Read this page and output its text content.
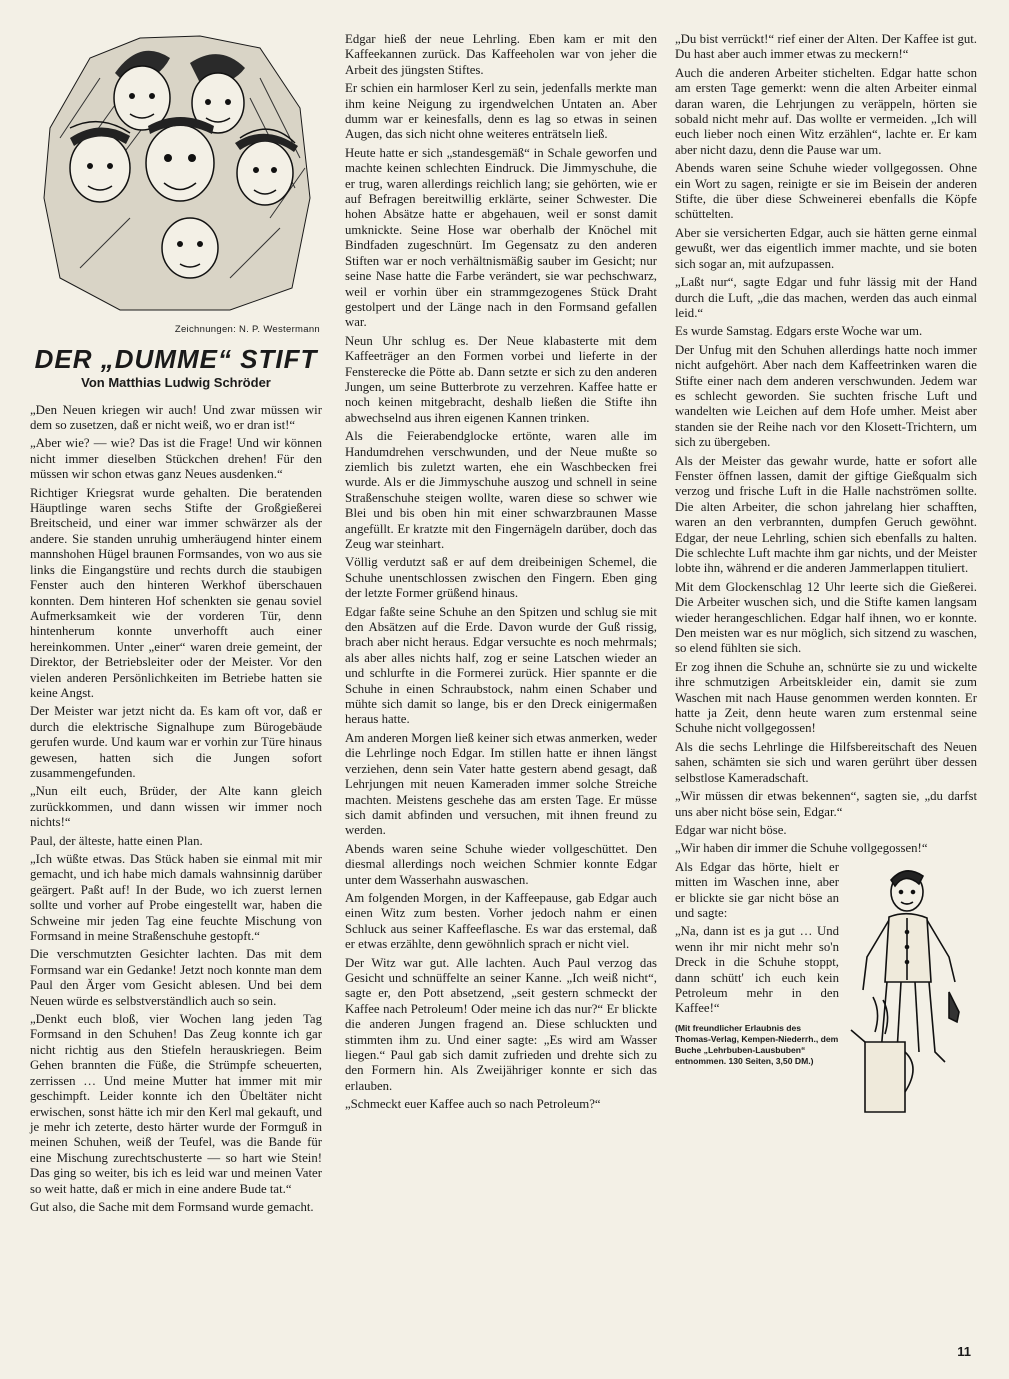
Zeichnungen: N. P. Westermann
DER „DUMME“ STIFT
Von Matthias Ludwig Schröder

„Den Neuen kriegen wir auch! Und zwar müssen wir dem so zusetzen, daß er nicht weiß, wo er dran ist!“

„Aber wie? — wie? Das ist die Frage! Und wir können nicht immer dieselben Stückchen drehen! Für den müssen wir schon etwas ganz Neues ausdenken.“

Richtiger Kriegsrat wurde gehalten. Die beratenden Häuptlinge waren sechs Stifte der Großgießerei Breitscheid, und einer war immer schwärzer als der andere. Sie standen unruhig umheräugend hinter einem mannshohen Hügel braunen Formsandes, von wo aus sie links die Eingangstüre und rechts durch die staubigen Fenster auch den hinteren Werkhof überschauen konnten. Dem hinteren Hof schenkten sie genau soviel Aufmerksamkeit wie der vorderen Tür, denn hintenherum konnte unverhofft auch einer hereinkommen. Unter „einer“ waren dreie gemeint, der Direktor, der Betriebsleiter oder der Meister. Vor den vielen anderen Persönlichkeiten im Betriebe hatten sie keine Angst.

Der Meister war jetzt nicht da. Es kam oft vor, daß er durch die elektrische Signalhupe zum Bürogebäude gerufen wurde. Und kaum war er vorhin zur Türe hinaus gewesen, hatten sich die Jungen sofort zusammengefunden.

„Nun eilt euch, Brüder, der Alte kann gleich zurückkommen, und dann wissen wir immer noch nichts!“

Paul, der älteste, hatte einen Plan.

„Ich wüßte etwas. Das Stück haben sie einmal mit mir gemacht, und ich habe mich damals wahnsinnig darüber geärgert. Paßt auf! In der Bude, wo ich zuerst lernen sollte und vorher auf Probe eingestellt war, haben die Schweine mir jeden Tag eine feuchte Mischung von Formsand in meine Straßenschuhe gestopft.“

Die verschmutzten Gesichter lachten. Das mit dem Formsand war ein Gedanke! Jetzt noch konnte man dem Paul den Ärger vom Gesicht ablesen. Und bei dem Neuen würde es selbstverständlich auch so sein.

„Denkt euch bloß, vier Wochen lang jeden Tag Formsand in den Schuhen! Das Zeug konnte ich gar nicht richtig aus den Stiefeln herauskriegen. Beim Gehen brannten die Füße, die Strümpfe scheuerten, zerrissen … Und meine Mutter hat immer mit mir geschimpft. Leider konnte ich den Übeltäter nicht erwischen, sonst hätte ich mir den Kerl mal gekauft, und je mehr ich zeterte, desto härter wurde der Formguß in meinen Schuhen, weiß der Teufel, was die Bande für eine Mischung zurechtschusterte — so hart wie Stein! Das ging so weiter, bis ich es leid war und meinen Vater so weit hatte, daß er mich in eine andere Bude tat.“

Gut also, die Sache mit dem Formsand wurde gemacht.

Edgar hieß der neue Lehrling. Eben kam er mit den Kaffeekannen zurück. Das Kaffeeholen war von jeher die Arbeit des jüngsten Stiftes.

Er schien ein harmloser Kerl zu sein, jedenfalls merkte man ihm keine Neigung zu irgendwelchen Untaten an. Aber dumm war er keinesfalls, denn es lag so etwas in seinen Augen, das sich nicht ohne weiteres enträtseln ließ.

Heute hatte er sich „standesgemäß“ in Schale geworfen und machte keinen schlechten Eindruck. Die Jimmyschuhe, die er trug, waren allerdings reichlich lang; sie gehörten, wie er auf Befragen bereitwillig erklärte, seiner Schwester. Die hohen Absätze hatte er abgehauen, weil er sonst damit umknickte. Seine Hose war oberhalb der Knöchel mit Bindfaden zugeschnürt. Im Gegensatz zu den anderen Stiften war er noch verhältnismäßig sauber im Gesicht; nur seine Nase hatte die Farbe verändert, sie war pechschwarz, weil er vorhin über ein strammgezogenes Stück Draht gestolpert und der Länge nach in den Formsand gefallen war.

Neun Uhr schlug es. Der Neue klabasterte mit dem Kaffeeträger an den Formen vorbei und lieferte in der Fensterecke die Pötte ab. Dann setzte er sich zu den anderen Jungen, um seine Butterbrote zu verzehren. Kaffee hatte er noch keinen mitgebracht, deshalb ließen die Stifte ihn abwechselnd aus ihren eigenen Kannen trinken.

Als die Feierabendglocke ertönte, waren alle im Handumdrehen verschwunden, und der Neue mußte so ziemlich bis zuletzt warten, ehe ein Waschbecken frei wurde. Als er die Jimmyschuhe auszog und schnell in seine Straßenschuhe steigen wollte, waren diese so schwer wie Blei und bis oben hin mit einer schwarzbraunen Masse angefüllt. Er kratzte mit den Fingernägeln darüber, doch das Zeug war steinhart.

Völlig verdutzt saß er auf dem dreibeinigen Schemel, die Schuhe unentschlossen zwischen den Fingern. Eben ging der letzte Former grüßend hinaus.

Edgar faßte seine Schuhe an den Spitzen und schlug sie mit den Absätzen auf die Erde. Davon wurde der Guß rissig, brach aber nicht heraus. Edgar versuchte es noch mehrmals; als aber alles nichts half, zog er seine Latschen wieder an und schlurfte in die Formerei zurück. Hier spannte er die Schuhe in einen Schraubstock, nahm einen Schaber und mühte sich damit so lange, bis er den Dreck einigermaßen heraus hatte.

Am anderen Morgen ließ keiner sich etwas anmerken, weder die Lehrlinge noch Edgar. Im stillen hatte er ihnen längst verziehen, denn sein Vater hatte gestern abend gesagt, daß Lehrjungen mit neuen Kameraden immer solche Streiche machten. Meistens geschehe das am ersten Tage. Er müsse sich damit abfinden und versuchen, mit ihnen freund zu werden.

Abends waren seine Schuhe wieder vollgeschüttet. Den diesmal allerdings noch weichen Schmier konnte Edgar unter dem Wasserhahn auswaschen.

Am folgenden Morgen, in der Kaffeepause, gab Edgar auch einen Witz zum besten. Vorher jedoch nahm er einen Schluck aus seiner Kaffeeflasche. Es war das erstemal, daß er etwas erzählte, denn gewöhnlich sprach er nicht viel.

Der Witz war gut. Alle lachten. Auch Paul verzog das Gesicht und schnüffelte an seiner Kanne. „Ich weiß nicht“, sagte er, den Pott absetzend, „seit gestern schmeckt der Kaffee nach Petroleum! Oder meine ich das nur?“ Er blickte die anderen Jungen fragend an. Diese schluckten und stimmten ihm zu. Und einer sagte: „Es wird am Wasser liegen.“ Paul gab sich damit zufrieden und drehte sich zu den Formern hin. Als Zweijähriger konnte er sich das erlauben.

„Schmeckt euer Kaffee auch so nach Petroleum?“

„Du bist verrückt!“ rief einer der Alten. Der Kaffee ist gut. Du hast aber auch immer etwas zu meckern!“

Auch die anderen Arbeiter stichelten. Edgar hatte schon am ersten Tage gemerkt: wenn die alten Arbeiter einmal daran waren, die Lehrjungen zu veräppeln, hörten sie sobald nicht mehr auf. Das wollte er vermeiden. „Ich will euch lieber noch einen Witz erzählen“, lachte er. Er kam aber nicht dazu, denn die Pause war um.

Abends waren seine Schuhe wieder vollgegossen. Ohne ein Wort zu sagen, reinigte er sie im Beisein der anderen Stifte, die über diese Schweinerei ebenfalls die Köpfe schüttelten.

Aber sie versicherten Edgar, auch sie hätten gerne einmal gewußt, wer das eigentlich immer machte, und sie boten sich sogar an, mit aufzupassen.

„Laßt nur“, sagte Edgar und fuhr lässig mit der Hand durch die Luft, „die das machen, werden das auch einmal leid.“

Es wurde Samstag. Edgars erste Woche war um.

Der Unfug mit den Schuhen allerdings hatte noch immer nicht aufgehört. Aber nach dem Kaffeetrinken waren die Stifte einer nach dem anderen verschwunden. Jedem war es schlecht geworden. Sie suchten frische Luft und wandelten wie Leichen auf dem Hofe umher. Meist aber standen sie der Reihe nach vor den Klosett-Trichtern, um sich zu übergeben.

Als der Meister das gewahr wurde, hatte er sofort alle Fenster öffnen lassen, damit der giftige Gießqualm sich verzog und frische Luft in die Halle nachströmen sollte. Die alten Arbeiter, die schon jahrelang hier schafften, waren an den verbrannten, dumpfen Geruch gewöhnt. Edgar, der neue Lehrling, schien sich ebenfalls zu halten. Die schlechte Luft machte ihm gar nichts, und der Meister lobte ihn, während er die anderen Jammerlappen tituliert.

Mit dem Glockenschlag 12 Uhr leerte sich die Gießerei. Die Arbeiter wuschen sich, und die Stifte kamen langsam wieder herangeschlichen. Edgar half ihnen, wo er konnte. Den meisten war es nur möglich, sich sitzend zu waschen, so elend fühlten sie sich.

Er zog ihnen die Schuhe an, schnürte sie zu und wickelte ihre schmutzigen Arbeitskleider ein, damit sie zum Waschen mit nach Hause genommen werden konnten. Er hatte ja Zeit, denn heute waren zum erstenmal seine Schuhe nicht vollgegossen!

Als die sechs Lehrlinge die Hilfsbereitschaft des Neuen sahen, schämten sie sich und waren gerührt über dessen selbstlose Kameradschaft.

„Wir müssen dir etwas bekennen“, sagten sie, „du darfst uns aber nicht böse sein, Edgar.“

Edgar war nicht böse.

„Wir haben dir immer die Schuhe vollgegossen!“

Als Edgar das hörte, hielt er mitten im Waschen inne, aber er blickte sie gar nicht böse an und sagte:

„Na, dann ist es ja gut … Und wenn ihr mir nicht mehr so'n Dreck in die Schuhe stoppt, dann schütt' ich euch kein Petroleum mehr in den Kaffee!“

(Mit freundlicher Erlaubnis des Thomas-Verlag, Kempen-Niederrh., dem Buche „Lehrbuben-Lausbuben“ entnommen. 130 Seiten, 3,50 DM.)
11
